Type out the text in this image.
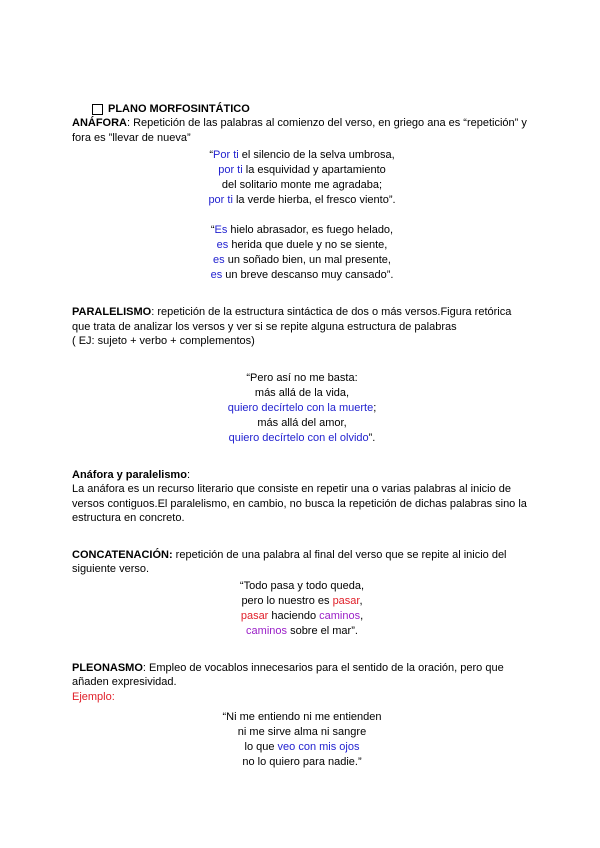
PLANO MORFOSINTÁTICO

ANÁFORA: Repetición de las palabras al comienzo del verso, en griego ana es “repetición” y fora es ”llevar de nueva”

“Por ti el silencio de la selva umbrosa,

por ti la esquividad y apartamiento

del solitario monte me agradaba;

por ti la verde hierba, el fresco viento”.

“Es hielo abrasador, es fuego helado,

es herida que duele y no se siente,

es un soñado bien, un mal presente,

es un breve descanso muy cansado”.

PARALELISMO: repetición de la estructura sintáctica de dos o más versos.Figura retórica que trata de analizar los versos y ver si se repite alguna estructura de palabras

( EJ: sujeto + verbo + complementos)

“Pero así no me basta:

más allá de la vida,

quiero decírtelo con la muerte;

más allá del amor,

quiero decírtelo con el olvido”.

Anáfora y paralelismo:

La anáfora es un recurso literario que consiste en repetir una o varias palabras al inicio de versos contiguos.El paralelismo, en cambio, no busca la repetición de dichas palabras sino la estructura en concreto.

CONCATENACIÓN: repetición de una palabra al final del verso que se repite al inicio del siguiente verso.

“Todo pasa y todo queda,

pero lo nuestro es pasar,

pasar haciendo caminos,

caminos sobre el mar”.

PLEONASMO: Empleo de vocablos innecesarios para el sentido de la oración, pero que añaden expresividad.

Ejemplo:

“Ni me entiendo ni me entienden

ni me sirve alma ni sangre

lo que veo con mis ojos

no lo quiero para nadie.”
